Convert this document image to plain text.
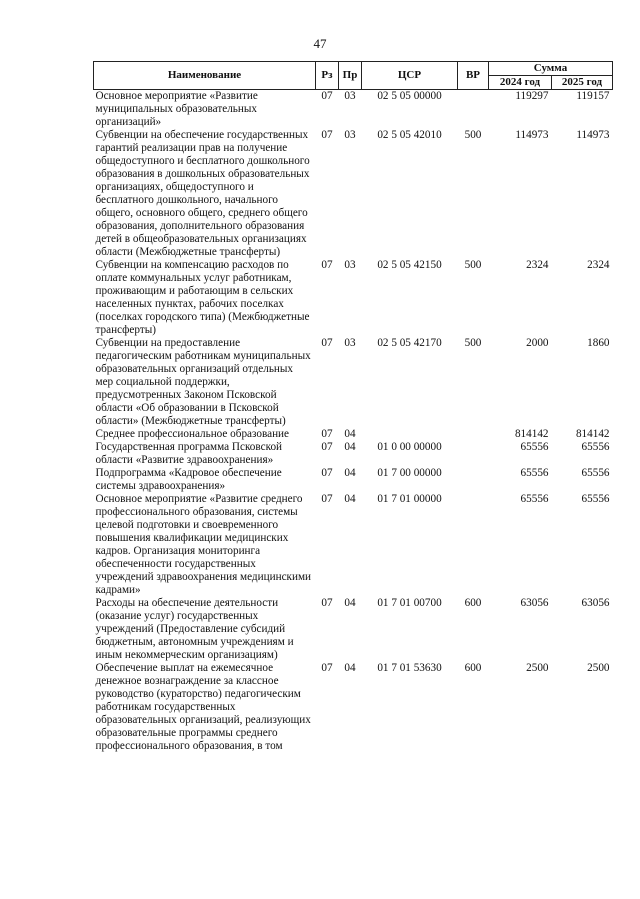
47
Наименование	Рз	Пр	ЦСР	ВР	Сумма	
					2024 год	2025 год
Основное мероприятие «Развитие муниципальных образовательных организаций»	07	03	02 5 05 00000		119297	119157
Субвенции на обеспечение государственных гарантий реализации прав на получение общедоступного и бесплатного дошкольного образования в дошкольных образовательных организациях, общедоступного и бесплатного дошкольного, начального общего, основного общего, среднего общего образования, дополнительного образования детей в общеобразовательных организациях области (Межбюджетные трансферты)	07	03	02 5 05 42010	500	114973	114973
Субвенции на компенсацию расходов по оплате коммунальных услуг работникам, проживающим и работающим в сельских населенных пунктах, рабочих поселках (поселках городского типа) (Межбюджетные трансферты)	07	03	02 5 05 42150	500	2324	2324
Субвенции на предоставление педагогическим работникам муниципальных образовательных организаций отдельных мер социальной поддержки, предусмотренных Законом Псковской области «Об образовании в Псковской области» (Межбюджетные трансферты)	07	03	02 5 05 42170	500	2000	1860
Среднее профессиональное образование	07	04			814142	814142
Государственная программа Псковской области «Развитие здравоохранения»	07	04	01 0 00 00000		65556	65556
Подпрограмма «Кадровое обеспечение системы здравоохранения»	07	04	01 7 00 00000		65556	65556
Основное мероприятие «Развитие среднего профессионального образования, системы целевой подготовки и своевременного повышения квалификации медицинских кадров. Организация мониторинга обеспеченности государственных учреждений здравоохранения медицинскими кадрами»	07	04	01 7 01 00000		65556	65556
Расходы на обеспечение деятельности (оказание услуг) государственных учреждений (Предоставление субсидий бюджетным, автономным учреждениям и иным некоммерческим организациям)	07	04	01 7 01 00700	600	63056	63056
Обеспечение выплат на ежемесячное денежное вознаграждение за классное руководство (кураторство) педагогическим работникам государственных образовательных организаций, реализующих образовательные программы среднего профессионального образования, в том	07	04	01 7 01 53630	600	2500	2500
